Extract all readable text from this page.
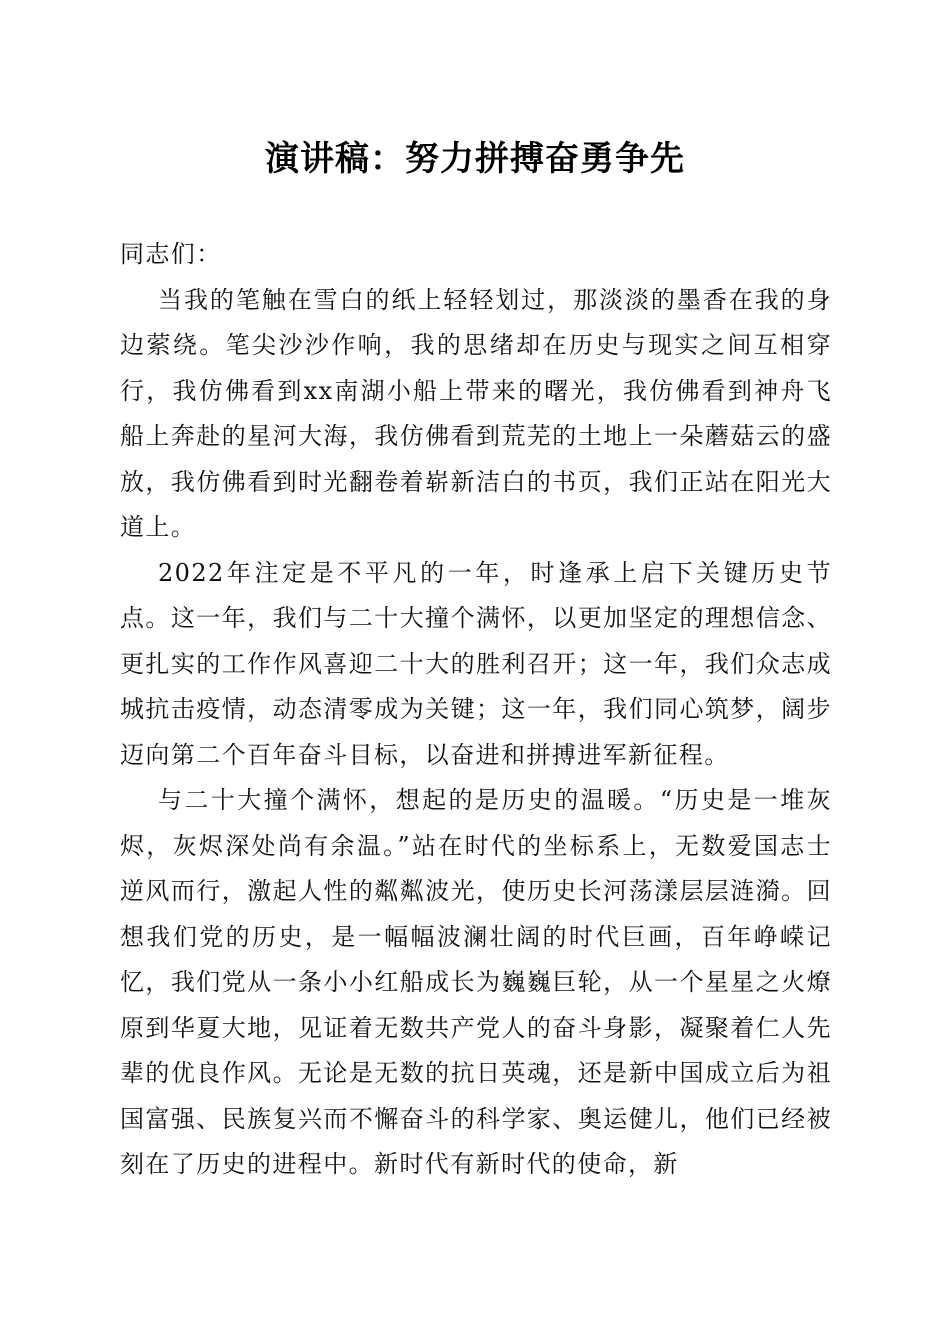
演讲稿：努力拼搏奋勇争先

同志们：

当我的笔触在雪白的纸上轻轻划过，那淡淡的墨香在我的身边萦绕。笔尖沙沙作响，我的思绪却在历史与现实之间互相穿行，我仿佛看到xx南湖小船上带来的曙光，我仿佛看到神舟飞船上奔赴的星河大海，我仿佛看到荒芜的土地上一朵蘑菇云的盛放，我仿佛看到时光翻卷着崭新洁白的书页，我们正站在阳光大道上。

2022年注定是不平凡的一年，时逢承上启下关键历史节点。这一年，我们与二十大撞个满怀，以更加坚定的理想信念、更扎实的工作作风喜迎二十大的胜利召开；这一年，我们众志成城抗击疫情，动态清零成为关键；这一年，我们同心筑梦，阔步迈向第二个百年奋斗目标，以奋进和拼搏进军新征程。

与二十大撞个满怀，想起的是历史的温暖。“历史是一堆灰烬，灰烬深处尚有余温。”站在时代的坐标系上，无数爱国志士逆风而行，激起人性的粼粼波光，使历史长河荡漾层层涟漪。回想我们党的历史，是一幅幅波澜壮阔的时代巨画，百年峥嵘记忆，我们党从一条小小红船成长为巍巍巨轮，从一个星星之火燎原到华夏大地，见证着无数共产党人的奋斗身影，凝聚着仁人先辈的优良作风。无论是无数的抗日英魂，还是新中国成立后为祖国富强、民族复兴而不懈奋斗的科学家、奥运健儿，他们已经被刻在了历史的进程中。新时代有新时代的使命，新
